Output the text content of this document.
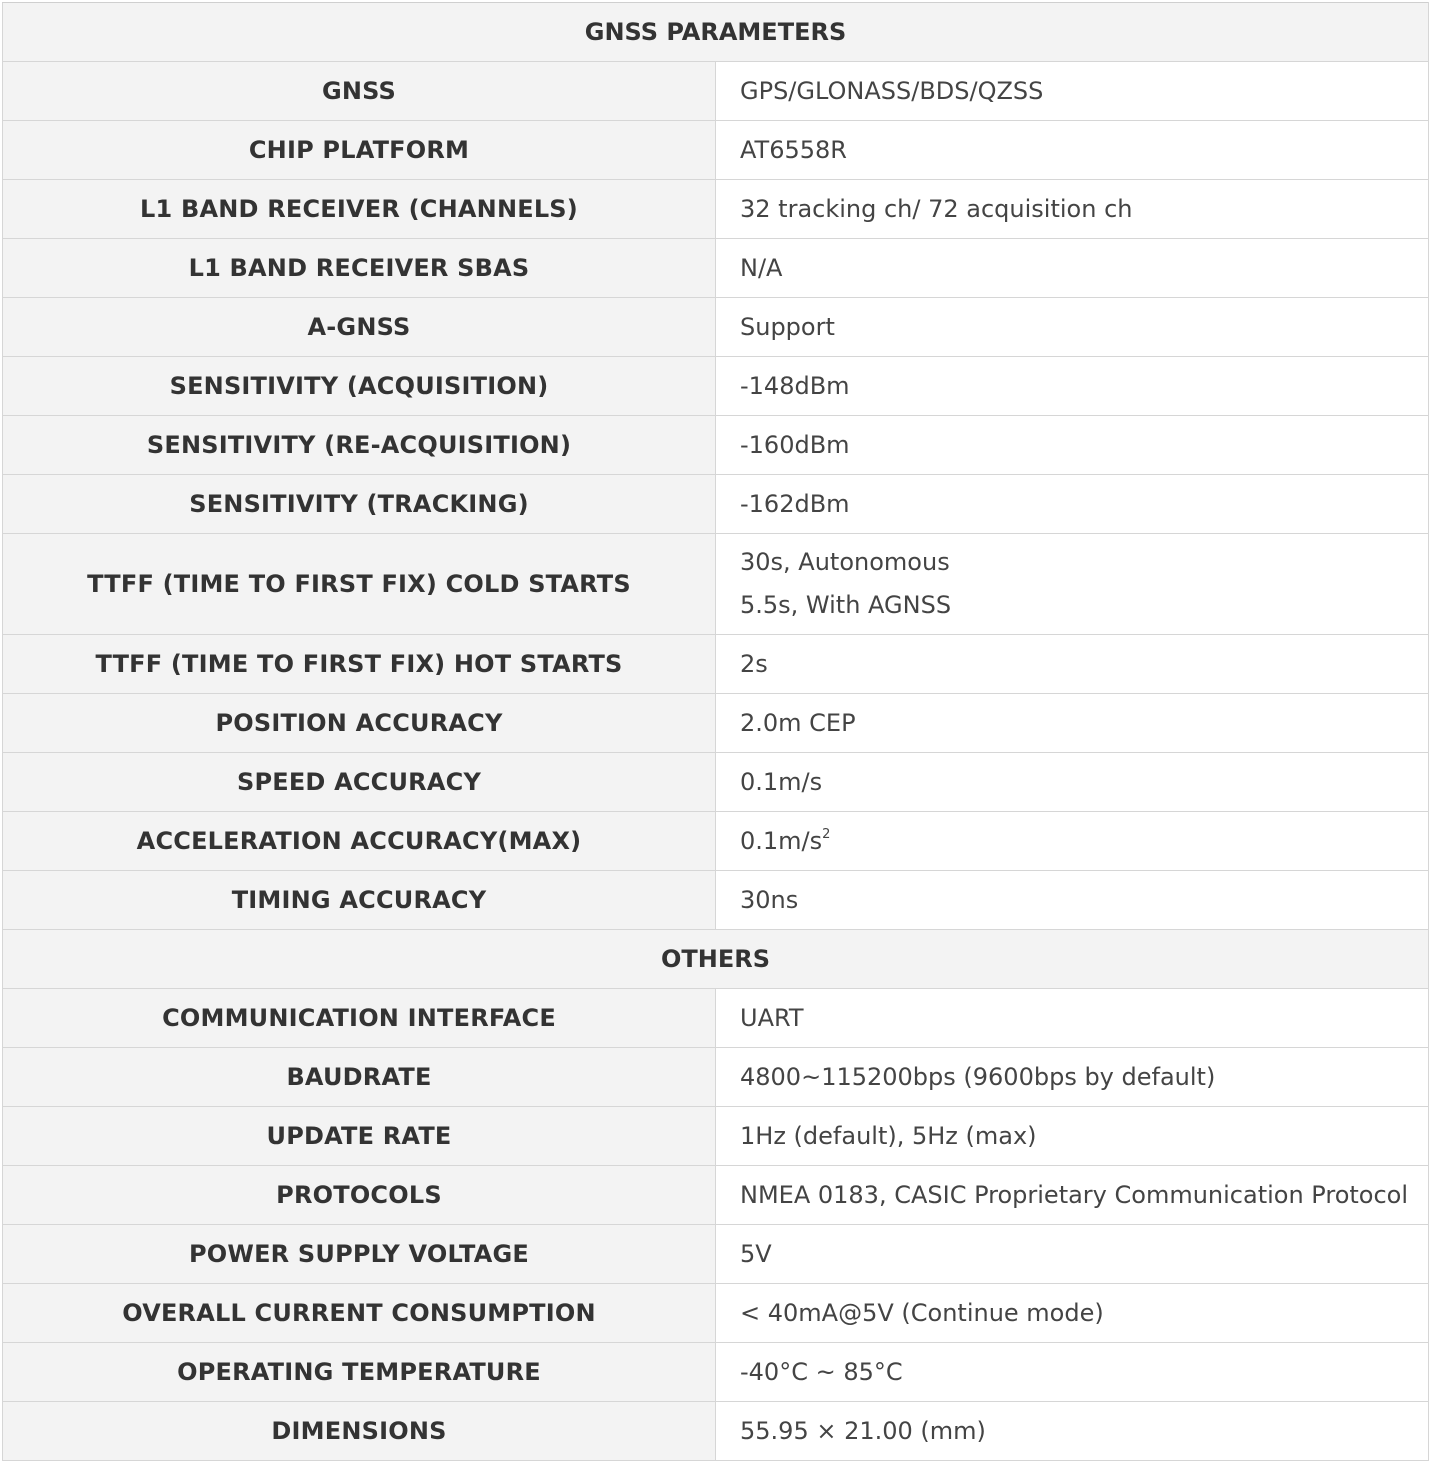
GNSS PARAMETERS	
GNSS	GPS/GLONASS/BDS/QZSS
CHIP PLATFORM	AT6558R
L1 BAND RECEIVER (CHANNELS)	32 tracking ch/ 72 acquisition ch
L1 BAND RECEIVER SBAS	N/A
A-GNSS	Support
SENSITIVITY (ACQUISITION)	-148dBm
SENSITIVITY (RE-ACQUISITION)	-160dBm
SENSITIVITY (TRACKING)	-162dBm
TTFF (TIME TO FIRST FIX) COLD STARTS	30s, Autonomous
5.5s, With AGNSS

TTFF (TIME TO FIRST FIX) HOT STARTS	2s
POSITION ACCURACY	2.0m CEP
SPEED ACCURACY	0.1m/s
ACCELERATION ACCURACY(MAX)	$0.1m/s^2$
TIMING ACCURACY	30ns
OTHERS	
COMMUNICATION INTERFACE	UART
BAUDRATE	4800~115200bps (9600bps by default)
UPDATE RATE	1Hz (default), 5Hz (max)
PROTOCOLS	NMEA 0183, CASIC Proprietary Communication Protocol
POWER SUPPLY VOLTAGE	5V
OVERALL CURRENT CONSUMPTION	< 40mA@5V (Continue mode)
OPERATING TEMPERATURE	-40°C ~ 85°C
DIMENSIONS	55.95 × 21.00 (mm)
